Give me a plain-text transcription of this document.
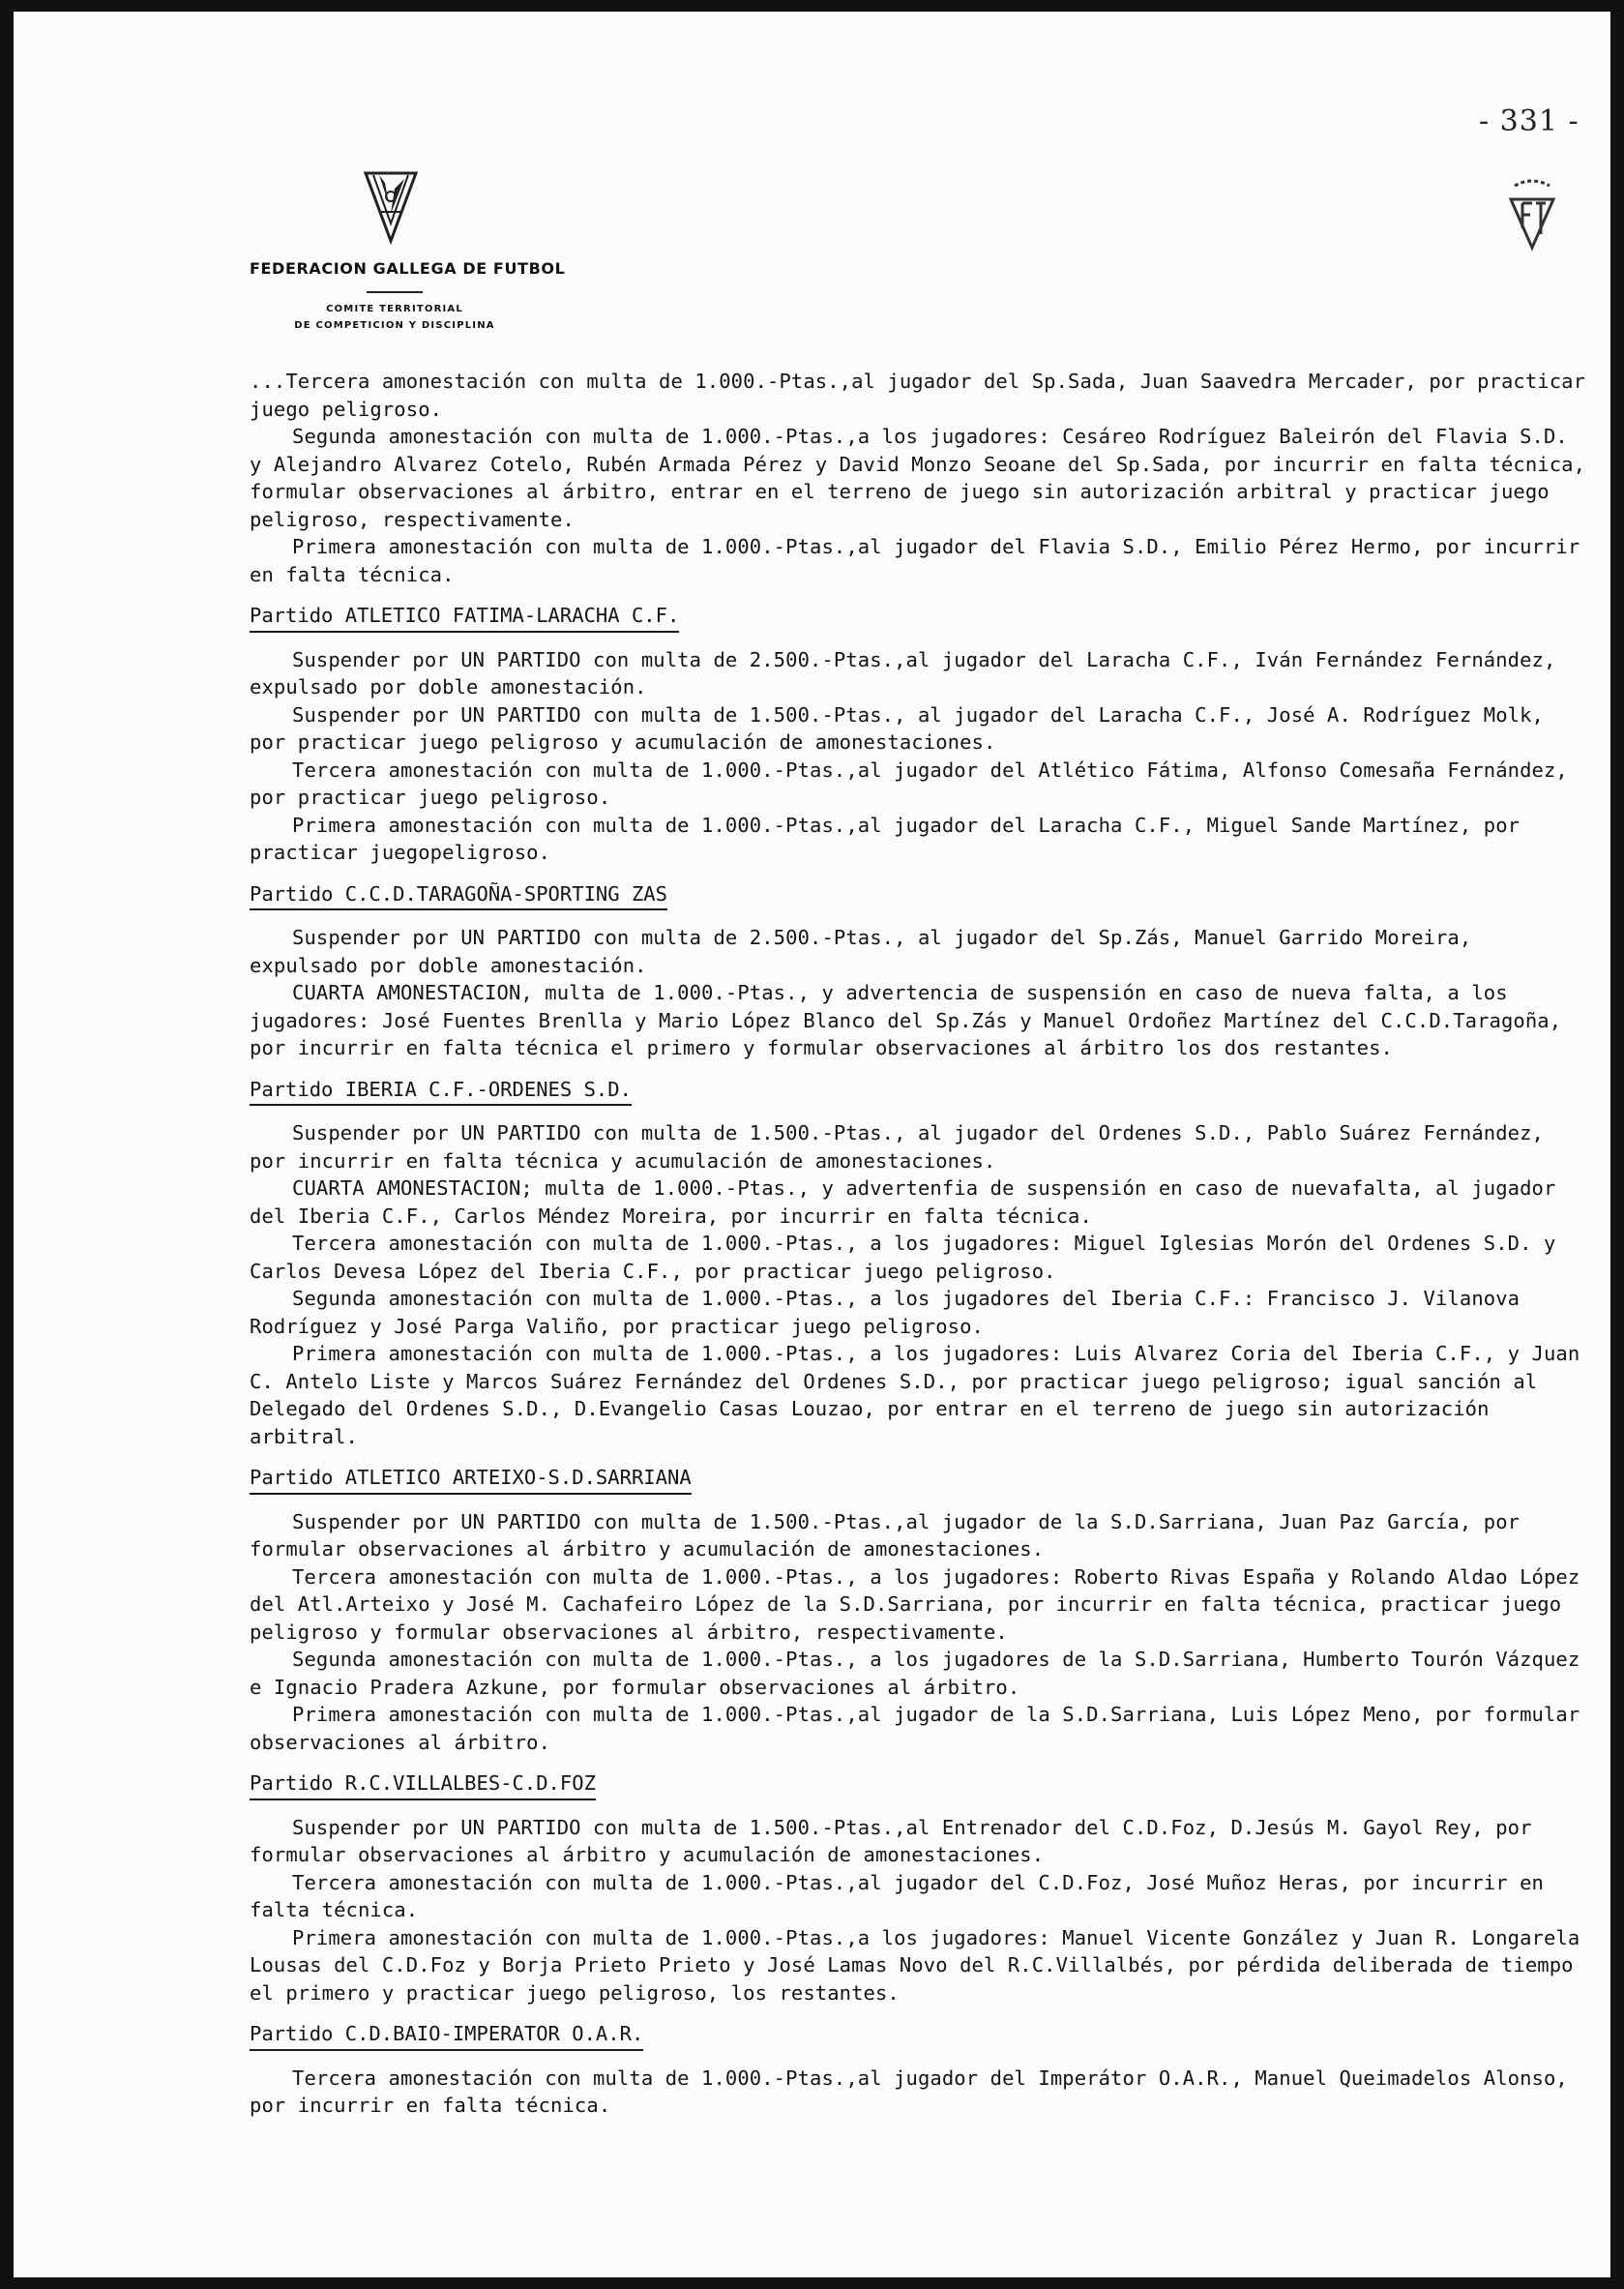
- 331 -
FEDERACION GALLEGA DE FUTBOL
COMITE TERRITORIAL
DE COMPETICION Y DISCIPLINA

...Tercera amonestación con multa de 1.000.-Ptas.,al jugador del Sp.Sada, Juan Saavedra Mercader, por practicar juego peligroso.

Segunda amonestación con multa de 1.000.-Ptas.,a los jugadores: Cesáreo Rodríguez Baleirón del Flavia S.D. y Alejandro Alvarez Cotelo, Rubén Armada Pérez y David Monzo Seoane del Sp.Sada, por incurrir en falta técnica, formular observaciones al árbitro, entrar en el terreno de juego sin autorización arbitral y practicar juego peligroso, respectivamente.

Primera amonestación con multa de 1.000.-Ptas.,al jugador del Flavia S.D., Emilio Pérez Hermo, por incurrir en falta técnica.

Partido ATLETICO FATIMA-LARACHA C.F.

Suspender por UN PARTIDO con multa de 2.500.-Ptas.,al jugador del Laracha C.F., Iván Fernández Fernández, expulsado por doble amonestación.

Suspender por UN PARTIDO con multa de 1.500.-Ptas., al jugador del Laracha C.F., José A. Rodríguez Molk, por practicar juego peligroso y acumulación de amonestaciones.

Tercera amonestación con multa de 1.000.-Ptas.,al jugador del Atlético Fátima, Alfonso Comesaña Fernández, por practicar juego peligroso.

Primera amonestación con multa de 1.000.-Ptas.,al jugador del Laracha C.F., Miguel Sande Martínez, por practicar juegopeligroso.

Partido C.C.D.TARAGOÑA-SPORTING ZAS

Suspender por UN PARTIDO con multa de 2.500.-Ptas., al jugador del Sp.Zás, Manuel Garrido Moreira, expulsado por doble amonestación.

CUARTA AMONESTACION, multa de 1.000.-Ptas., y advertencia de suspensión en caso de nueva falta, a los jugadores: José Fuentes Brenlla y Mario López Blanco del Sp.Zás y Manuel Ordoñez Martínez del C.C.D.Taragoña, por incurrir en falta técnica el primero y formular observaciones al árbitro los dos restantes.

Partido IBERIA C.F.-ORDENES S.D.

Suspender por UN PARTIDO con multa de 1.500.-Ptas., al jugador del Ordenes S.D., Pablo Suárez Fernández, por incurrir en falta técnica y acumulación de amonestaciones.

CUARTA AMONESTACION; multa de 1.000.-Ptas., y advertenfia de suspensión en caso de nuevafalta, al jugador del Iberia C.F., Carlos Méndez Moreira, por incurrir en falta técnica.

Tercera amonestación con multa de 1.000.-Ptas., a los jugadores: Miguel Iglesias Morón del Ordenes S.D. y Carlos Devesa López del Iberia C.F., por practicar juego peligroso.

Segunda amonestación con multa de 1.000.-Ptas., a los jugadores del Iberia C.F.: Francisco J. Vilanova Rodríguez y José Parga Valiño, por practicar juego peligroso.

Primera amonestación con multa de 1.000.-Ptas., a los jugadores: Luis Alvarez Coria del Iberia C.F., y Juan C. Antelo Liste y Marcos Suárez Fernández del Ordenes S.D., por practicar juego peligroso; igual sanción al Delegado del Ordenes S.D., D.Evangelio Casas Louzao, por entrar en el terreno de juego sin autorización arbitral.

Partido ATLETICO ARTEIXO-S.D.SARRIANA

Suspender por UN PARTIDO con multa de 1.500.-Ptas.,al jugador de la S.D.Sarriana, Juan Paz García, por formular observaciones al árbitro y acumulación de amonestaciones.

Tercera amonestación con multa de 1.000.-Ptas., a los jugadores: Roberto Rivas España y Rolando Aldao López del Atl.Arteixo y José M. Cachafeiro López de la S.D.Sarriana, por incurrir en falta técnica, practicar juego peligroso y formular observaciones al árbitro, respectivamente.

Segunda amonestación con multa de 1.000.-Ptas., a los jugadores de la S.D.Sarriana, Humberto Tourón Vázquez e Ignacio Pradera Azkune, por formular observaciones al árbitro.

Primera amonestación con multa de 1.000.-Ptas.,al jugador de la S.D.Sarriana, Luis López Meno, por formular observaciones al árbitro.

Partido R.C.VILLALBES-C.D.FOZ

Suspender por UN PARTIDO con multa de 1.500.-Ptas.,al Entrenador del C.D.Foz, D.Jesús M. Gayol Rey, por formular observaciones al árbitro y acumulación de amonestaciones.

Tercera amonestación con multa de 1.000.-Ptas.,al jugador del C.D.Foz, José Muñoz Heras, por incurrir en falta técnica.

Primera amonestación con multa de 1.000.-Ptas.,a los jugadores: Manuel Vicente González y Juan R. Longarela Lousas del C.D.Foz y Borja Prieto Prieto y José Lamas Novo del R.C.Villalbés, por pérdida deliberada de tiempo el primero y practicar juego peligroso, los restantes.

Partido C.D.BAIO-IMPERATOR O.A.R.

Tercera amonestación con multa de 1.000.-Ptas.,al jugador del Imperátor O.A.R., Manuel Queimadelos Alonso, por incurrir en falta técnica.
